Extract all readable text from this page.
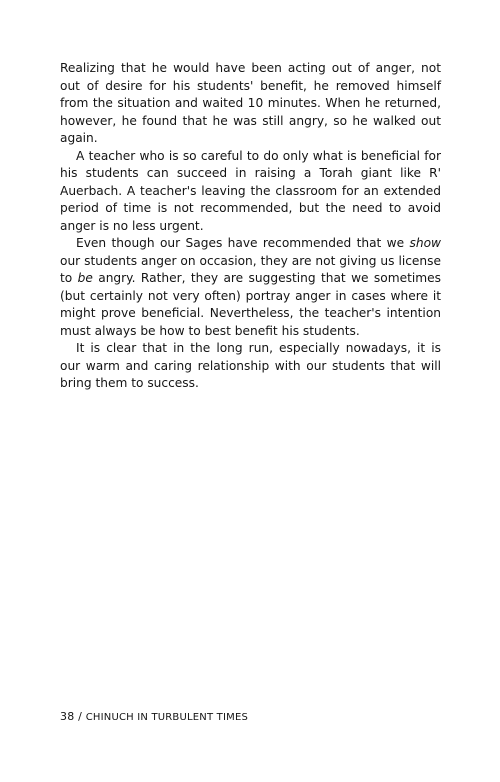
Realizing that he would have been acting out of anger, not out of desire for his students' benefit, he removed himself from the situation and waited 10 minutes. When he returned, however, he found that he was still angry, so he walked out again.

A teacher who is so careful to do only what is beneficial for his students can succeed in raising a Torah giant like R' Auerbach. A teacher's leaving the classroom for an extended period of time is not recommended, but the need to avoid anger is no less urgent.

Even though our Sages have recommended that we show our students anger on occasion, they are not giving us license to be angry. Rather, they are suggesting that we sometimes (but certainly not very often) portray anger in cases where it might prove beneficial. Nevertheless, the teacher's intention must always be how to best benefit his students.

It is clear that in the long run, especially nowadays, it is our warm and caring relationship with our students that will bring them to success.

38 / CHINUCH IN TURBULENT TIMES
